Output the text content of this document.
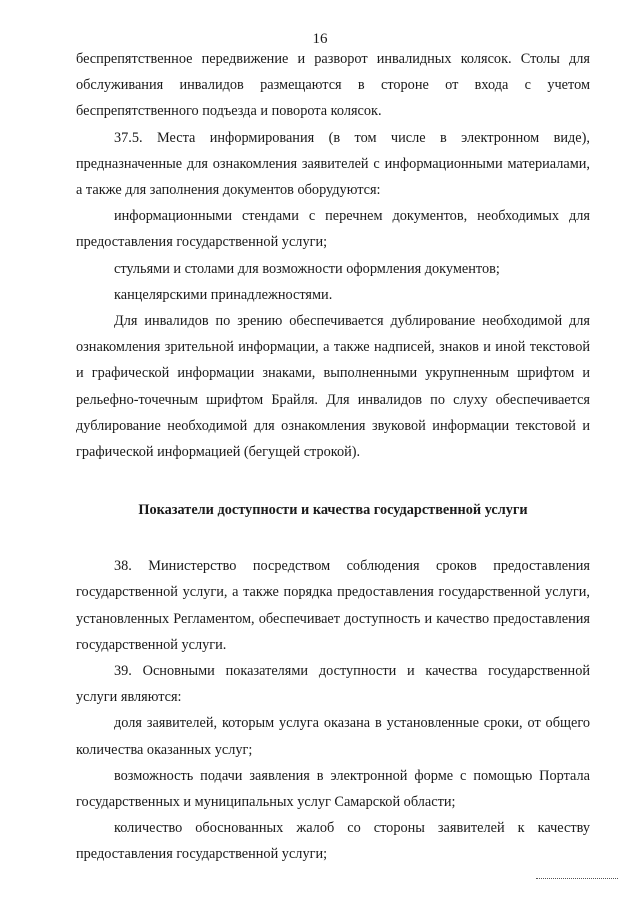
16

беспрепятственное передвижение и разворот инвалидных колясок. Столы для обслуживания инвалидов размещаются в стороне от входа с учетом беспрепятственного подъезда и поворота колясок.

37.5. Места информирования (в том числе в электронном виде), предназначенные для ознакомления заявителей с информационными материалами, а также для заполнения документов оборудуются:

информационными стендами с перечнем документов, необходимых для предоставления государственной услуги;

стульями и столами для возможности оформления документов;

канцелярскими принадлежностями.

Для инвалидов по зрению обеспечивается дублирование необходимой для ознакомления зрительной информации, а также надписей, знаков и иной текстовой и графической информации знаками, выполненными укрупненным шрифтом и рельефно-точечным шрифтом Брайля. Для инвалидов по слуху обеспечивается дублирование необходимой для ознакомления звуковой информации текстовой и графической информацией (бегущей строкой).

Показатели доступности и качества государственной услуги

38. Министерство посредством соблюдения сроков предоставления государственной услуги, а также порядка предоставления государственной услуги, установленных Регламентом, обеспечивает доступность и качество предоставления государственной услуги.

39. Основными показателями доступности и качества государственной услуги являются:

доля заявителей, которым услуга оказана в установленные сроки, от общего количества оказанных услуг;

возможность подачи заявления в электронной форме с помощью Портала государственных и муниципальных услуг Самарской области;

количество обоснованных жалоб со стороны заявителей к качеству предоставления государственной услуги;
